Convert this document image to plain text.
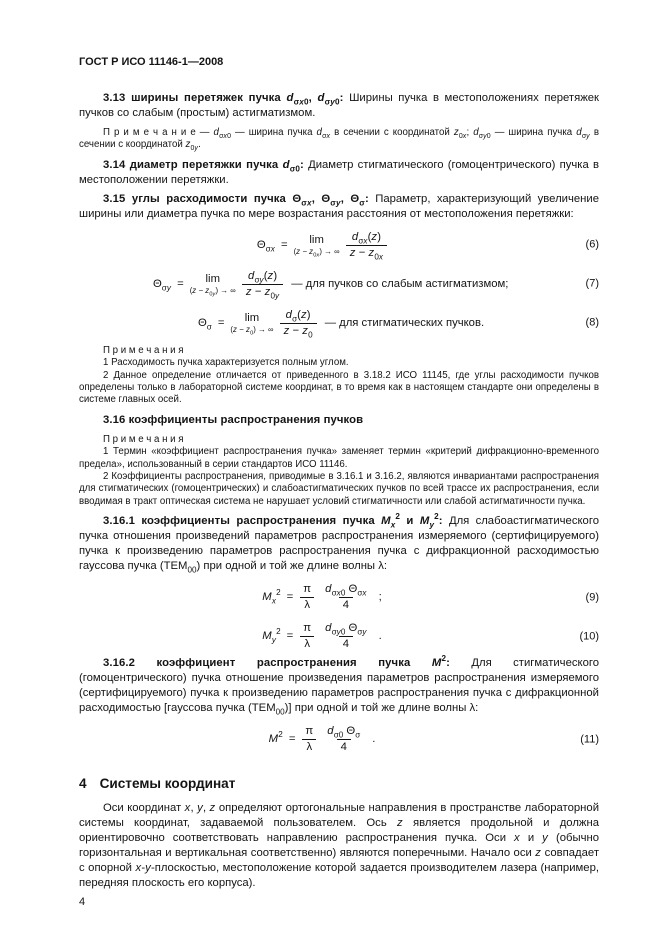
ГОСТ Р ИСО 11146-1—2008

3.13 ширины перетяжек пучка $d_{\sigma x0}$, $d_{\sigma y0}$: Ширины пучка в местоположениях перетяжек пучков со слабым (простым) астигматизмом.

П р и м е ч а н и е — $d_{\sigma x0}$ — ширина пучка $d_{\sigma x}$ в сечении с координатой $z_{0x}$; $d_{\sigma y0}$ — ширина пучка $d_{\sigma y}$ в сечении с координатой $z_{0y}$.

3.14 диаметр перетяжки пучка $d_{\sigma 0}$: Диаметр стигматического (гомоцентрического) пучка в местоположении перетяжки.

3.15 углы расходимости пучка $\Theta_{\sigma x}$, $\Theta_{\sigma y}$, $\Theta_\sigma$: Параметр, характеризующий увеличение ширины или диаметра пучка по мере возрастания расстояния от местоположения перетяжки:

$\Theta_{\sigma x} = \lim$
$(z - z_{0x})$ → ∞ $\frac{d_{\sigma x}(z)}{z - z_{0x}}$	(6)
$\Theta_{\sigma y} = \lim$
$(z - z_{0y})$ → ∞ $\frac{d_{\sigma y}(z)}{z - z_{0y}}$ — для пучков со слабым астигматизмом;	(7)
$\Theta_\sigma = \lim$
$(z - z_0)$ → ∞ $\frac{d_\sigma(z)}{z - z_0}$ — для стигматических пучков.	(8)

П р и м е ч а н и я

1 Расходимость пучка характеризуется полным углом.

2 Данное определение отличается от приведенного в 3.18.2 ИСО 11145, где углы расходимости пучков определены только в лабораторной системе координат, в то время как в настоящем стандарте они определены в системе главных осей.

3.16 коэффициенты распространения пучков

П р и м е ч а н и я

1 Термин «коэффициент распространения пучка» заменяет термин «критерий дифракционно-временного предела», использованный в серии стандартов ИСО 11146.

2 Коэффициенты распространения, приводимые в 3.16.1 и 3.16.2, являются инвариантами распространения для стигматических (гомоцентрических) и слабоастигматических пучков по всей трассе их распространения, если вводимая в тракт оптическая система не нарушает условий стигматичности или слабой астигматичности пучка.

3.16.1 коэффициенты распространения пучка $M_x^2$ и $M_y^2$: Для слабоастигматического пучка отношения произведений параметров распространения измеряемого (сертифицируемого) пучка к произведению параметров распространения пучка с дифракционной расходимостью гауссова пучка $(ТЕМ_{00})$ при одной и той же длине волны λ:

$M_x^2 = \frac{\pi}{\lambda} \frac{d_{\sigma x0} \Theta_{\sigma x}}{4}$ ;	(9)
$M_y^2 = \frac{\pi}{\lambda} \frac{d_{\sigma y0} \Theta_{\sigma y}}{4}$ .	(10)

3.16.2 коэффициент распространения пучка $M^2$: Для стигматического (гомоцентрического) пучка отношение произведения параметров распространения измеряемого (сертифицируемого) пучка к произведению параметров распространения пучка с дифракционной расходимостью [гауссова пучка $(ТЕМ_{00})$] при одной и той же длине волны λ:

$M^2 = \frac{\pi}{\lambda} \frac{d_{\sigma 0} \Theta_\sigma}{4}$ .	(11)
4 Системы координат

Оси координат x, y, z определяют ортогональные направления в пространстве лабораторной системы координат, задаваемой пользователем. Ось z является продольной и должна ориентировочно соответствовать направлению распространения пучка. Оси x и y (обычно горизонтальная и вертикальная соответственно) являются поперечными. Начало оси z совпадает с опорной x-y-плоскостью, местоположение которой задается производителем лазера (например, передняя плоскость его корпуса).

4
